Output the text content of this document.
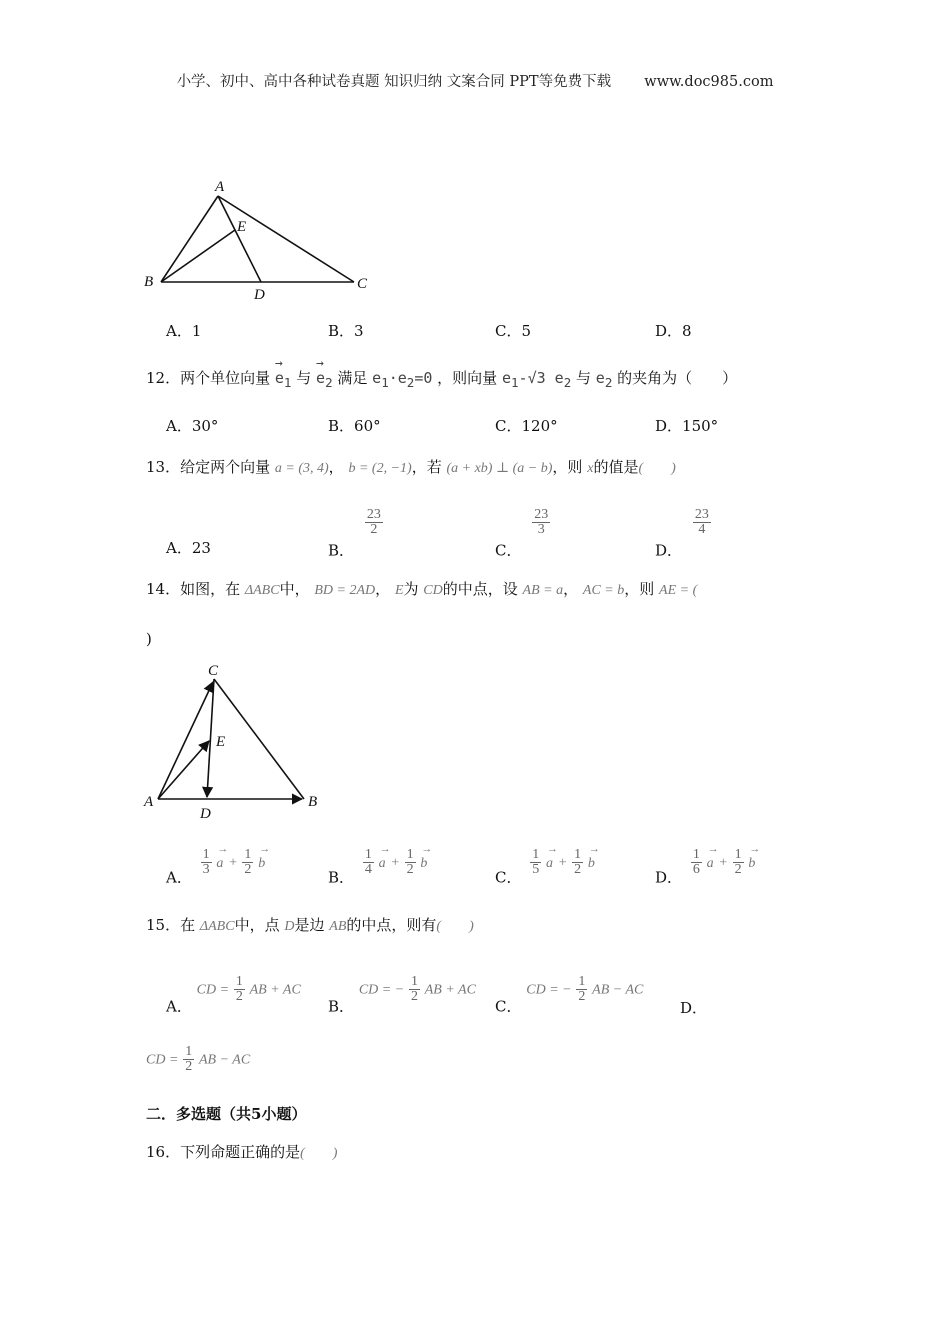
小学、初中、高中各种试卷真题 知识归纳 文案合同 PPT等免费下载 www.doc985.com
A
B	C
D
E
A．1	B．3	C．5	D．8
12．两个单位向量
→
$e_1$ 与
→
$e_2$ 满足 $e_1\cdot e_2=0$ ，则向量 $e_1-√3$ $e_2$ 与 $e_2$ 的夹角为（　　）
A．30°	B．60°	C．120°	D．150°
13．给定两个向量 a = (3, 4)， b = (2, −1)，若 (a + xb) ⊥ (a − b)，则 x的值是(　　)
A．23	B．
$\frac{23}{2}$
C．
$\frac{23}{3}$
D．
$\frac{23}{4}$
14．如图，在 ΔABC中， BD = 2AD， E为 CD的中点，设 AB = a， AC = b，则 AE = (
)
C
A	B
D
E
A．
$\frac{1}{3}$
→
$a + \frac{1}{2}$
→
b
B．
$\frac{1}{4}$
→
$a + \frac{1}{2}$
→
b
C．
$\frac{1}{5}$
→
$a + \frac{1}{2}$
→
b
D．
$\frac{1}{6}$
→
$a + \frac{1}{2}$
→
b
15．在 ΔABC中，点 D是边 AB的中点，则有(　　)
A． CD = $\frac{1}{2}$ AB + AC
B． CD = − $\frac{1}{2}$ AB + AC
C． CD = − $\frac{1}{2}$ AB − AC
D．
CD = $\frac{1}{2}$ AB − AC
二．多选题（共5小题）
16．下列命题正确的是(　　)
